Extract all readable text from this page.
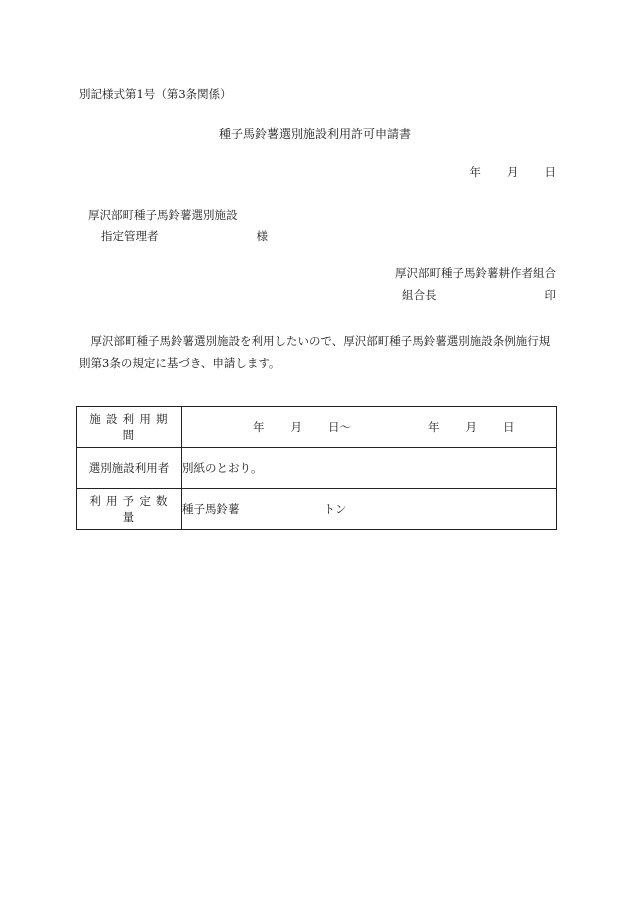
別記様式第1号（第3条関係）
種子馬鈴薯選別施設利用許可申請書
年 月 日
厚沢部町種子馬鈴薯選別施設
指定管理者	様
厚沢部町種子馬鈴薯耕作者組合
組合長	印
厚沢部町種子馬鈴薯選別施設を利用したいので、厚沢部町種子馬鈴薯選別施設条例施行規則第3条の規定に基づき、申請します。
施設利用期間	年 月 日〜 年 月 日
選別施設利用者	別紙のとおり。
利用予定数量	種子馬鈴薯 トン
